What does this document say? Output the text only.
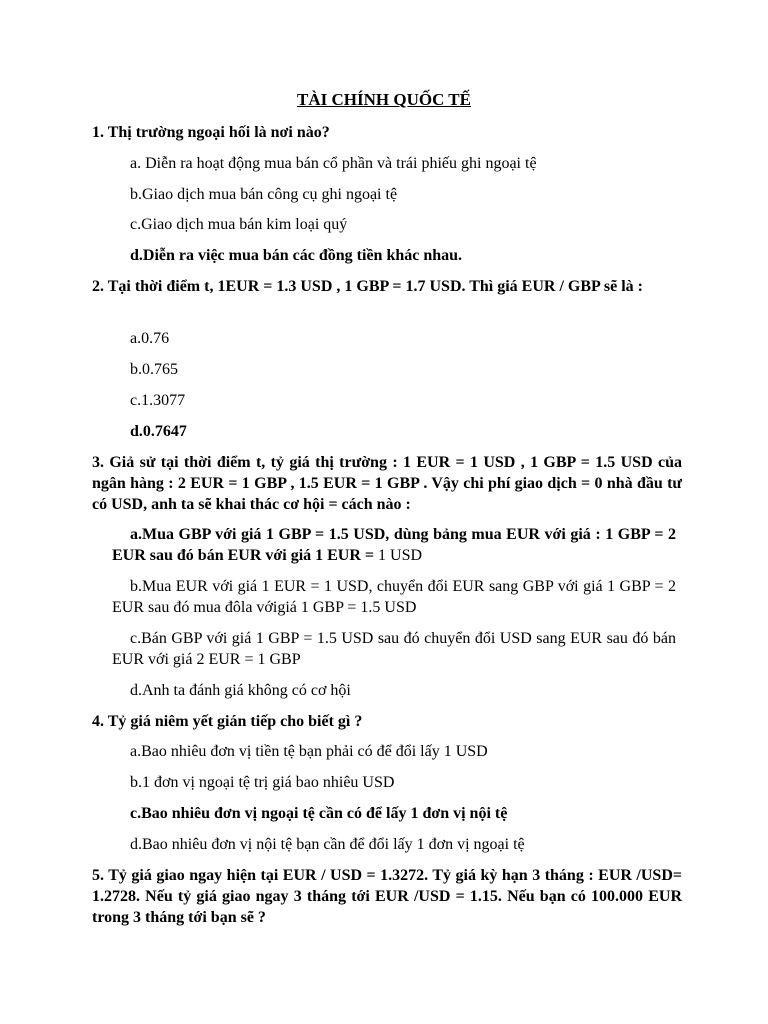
TÀI CHÍNH QUỐC TẾ
1. Thị trường ngoại hối là nơi nào?
a. Diễn ra hoạt động mua bán cổ phần và trái phiếu ghi ngoại tệ
b.Giao dịch mua bán công cụ ghi ngoại tệ
c.Giao dịch mua bán kim loại quý
d.Diễn ra việc mua bán các đồng tiền khác nhau.
2. Tại thời điểm t, 1EUR = 1.3 USD , 1 GBP = 1.7 USD. Thì giá EUR / GBP sẽ là :
a.0.76
b.0.765
c.1.3077
d.0.7647
3. Giả sử tại thời điểm t, tỷ giá thị trường : 1 EUR = 1 USD , 1 GBP = 1.5 USD của ngân hàng : 2 EUR = 1 GBP , 1.5 EUR = 1 GBP . Vậy chi phí giao dịch = 0 nhà đầu tư có USD, anh ta sẽ khai thác cơ hội = cách nào :
a.Mua GBP với giá 1 GBP = 1.5 USD, dùng bảng mua EUR với giá : 1 GBP = 2 EUR sau đó bán EUR với giá 1 EUR = 1 USD
b.Mua EUR với giá 1 EUR = 1 USD, chuyển đổi EUR sang GBP với giá 1 GBP = 2 EUR sau đó mua đôla vớigiá 1 GBP = 1.5 USD
c.Bán GBP với giá 1 GBP = 1.5 USD sau đó chuyển đổi USD sang EUR sau đó bán EUR với giá 2 EUR = 1 GBP
d.Anh ta đánh giá không có cơ hội
4. Tỷ giá niêm yết gián tiếp cho biết gì ?
a.Bao nhiêu đơn vị tiền tệ bạn phải có để đổi lấy 1 USD
b.1 đơn vị ngoại tệ trị giá bao nhiêu USD
c.Bao nhiêu đơn vị ngoại tệ cần có để lấy 1 đơn vị nội tệ
d.Bao nhiêu đơn vị nội tệ bạn cần để đổi lấy 1 đơn vị ngoại tệ
5. Tỷ giá giao ngay hiện tại EUR / USD = 1.3272. Tỷ giá kỳ hạn 3 tháng : EUR /USD= 1.2728. Nếu tỷ giá giao ngay 3 tháng tới EUR /USD = 1.15. Nếu bạn có 100.000 EUR trong 3 tháng tới bạn sẽ ?
